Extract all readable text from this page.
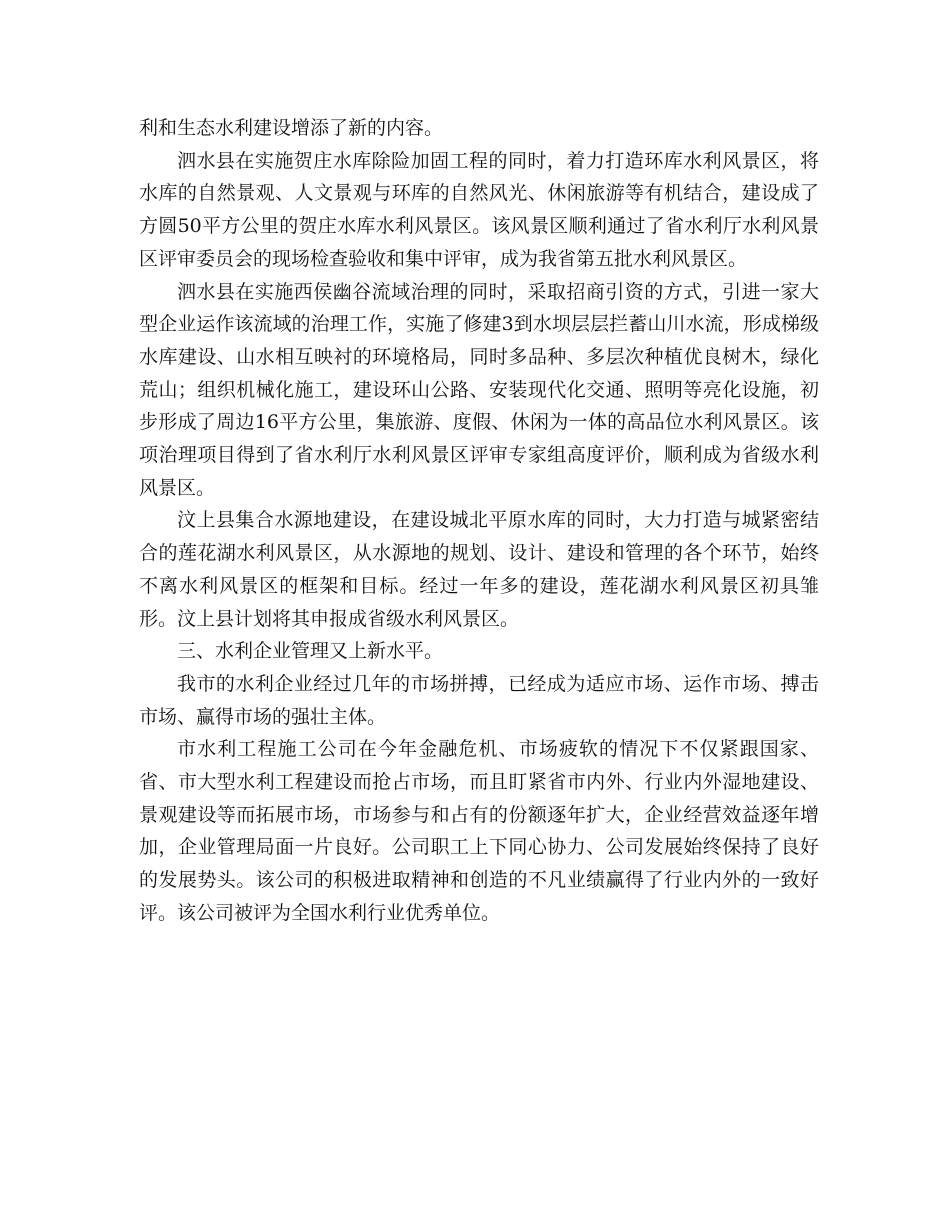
利和生态水利建设增添了新的内容。

泗水县在实施贺庄水库除险加固工程的同时，着力打造环库水利风景区，将水库的自然景观、人文景观与环库的自然风光、休闲旅游等有机结合，建设成了方圆50平方公里的贺庄水库水利风景区。该风景区顺利通过了省水利厅水利风景区评审委员会的现场检查验收和集中评审，成为我省第五批水利风景区。

泗水县在实施西侯幽谷流域治理的同时，采取招商引资的方式，引进一家大型企业运作该流域的治理工作，实施了修建3到水坝层层拦蓄山川水流，形成梯级水库建设、山水相互映衬的环境格局，同时多品种、多层次种植优良树木，绿化荒山；组织机械化施工，建设环山公路、安装现代化交通、照明等亮化设施，初步形成了周边16平方公里，集旅游、度假、休闲为一体的高品位水利风景区。该项治理项目得到了省水利厅水利风景区评审专家组高度评价，顺利成为省级水利风景区。

汶上县集合水源地建设，在建设城北平原水库的同时，大力打造与城紧密结合的莲花湖水利风景区，从水源地的规划、设计、建设和管理的各个环节，始终不离水利风景区的框架和目标。经过一年多的建设，莲花湖水利风景区初具雏形。汶上县计划将其申报成省级水利风景区。

三、水利企业管理又上新水平。

我市的水利企业经过几年的市场拼搏，已经成为适应市场、运作市场、搏击市场、赢得市场的强壮主体。

市水利工程施工公司在今年金融危机、市场疲软的情况下不仅紧跟国家、省、市大型水利工程建设而抢占市场，而且盯紧省市内外、行业内外湿地建设、景观建设等而拓展市场，市场参与和占有的份额逐年扩大，企业经营效益逐年增加，企业管理局面一片良好。公司职工上下同心协力、公司发展始终保持了良好的发展势头。该公司的积极进取精神和创造的不凡业绩赢得了行业内外的一致好评。该公司被评为全国水利行业优秀单位。
